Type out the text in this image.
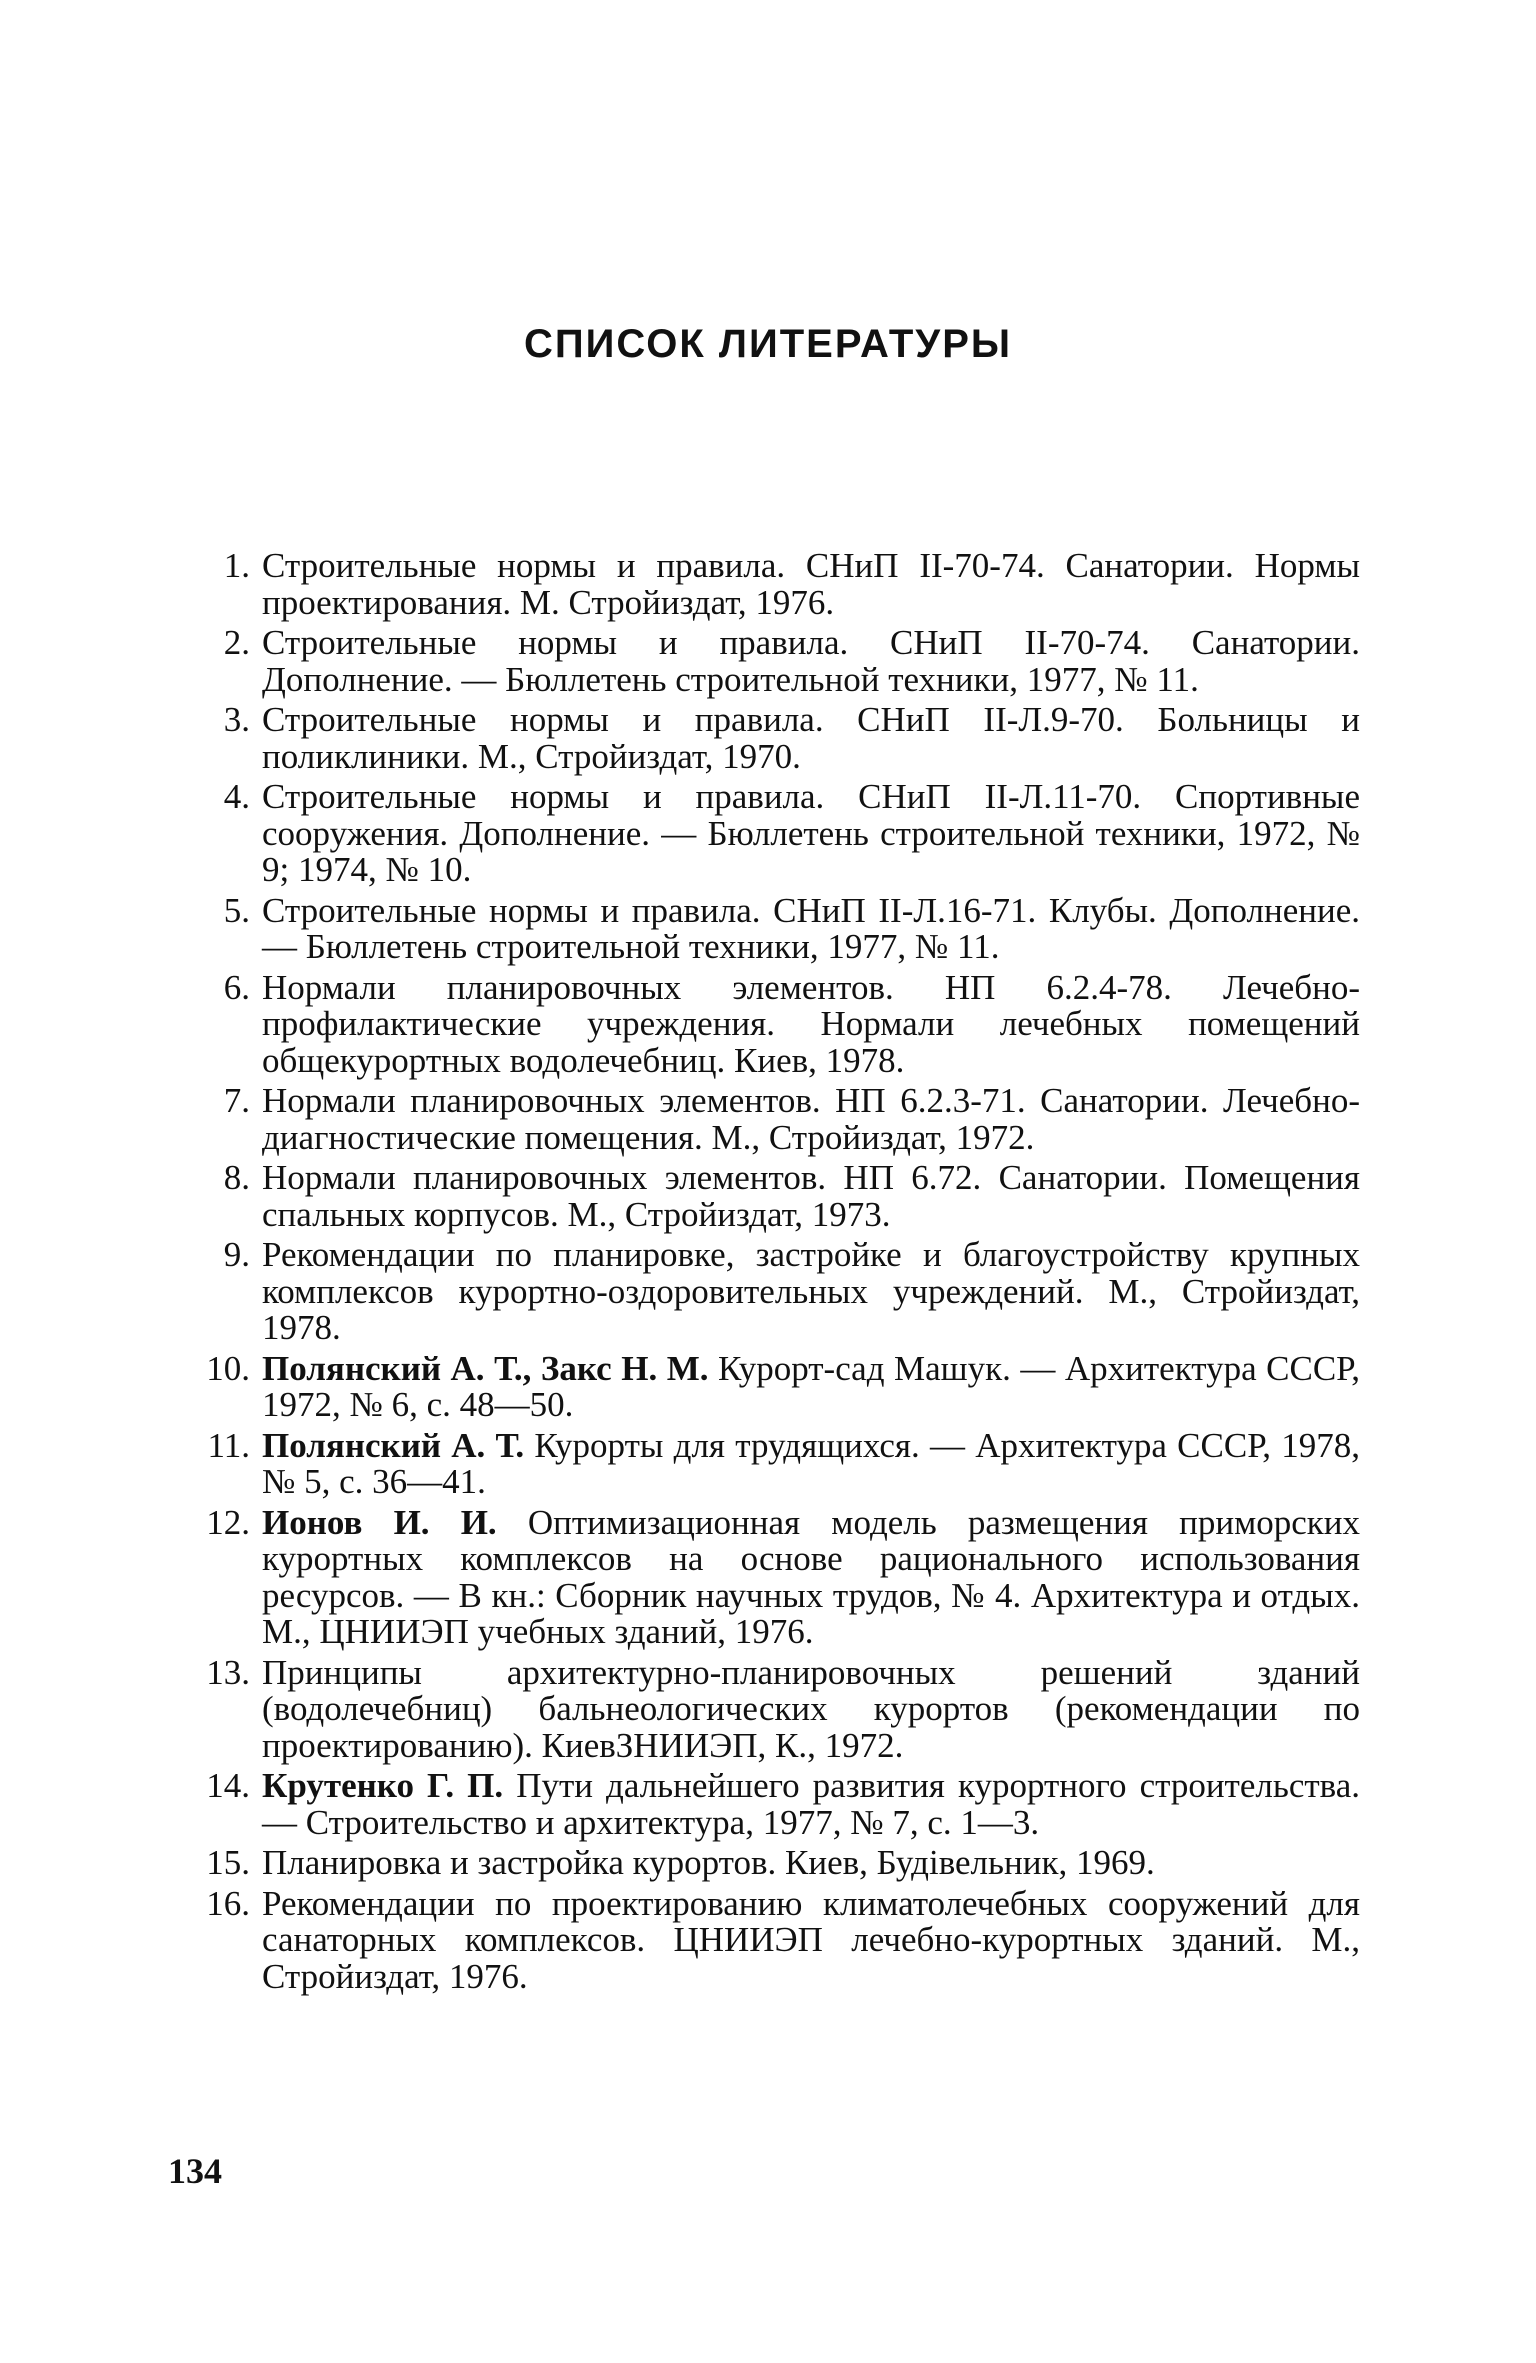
СПИСОК ЛИТЕРАТУРЫ
1. Строительные нормы и правила. СНиП II-70-74. Санатории. Нормы проектирования. М. Стройиздат, 1976.
2. Строительные нормы и правила. СНиП II-70-74. Санатории. Дополнение. — Бюллетень строительной техники, 1977, № 11.
3. Строительные нормы и правила. СНиП II-Л.9-70. Больницы и поликлиники. М., Стройиздат, 1970.
4. Строительные нормы и правила. СНиП II-Л.11-70. Спортивные сооружения. Дополнение. — Бюллетень строительной техники, 1972, № 9; 1974, № 10.
5. Строительные нормы и правила. СНиП II-Л.16-71. Клубы. Дополнение. — Бюллетень строительной техники, 1977, № 11.
6. Нормали планировочных элементов. НП 6.2.4-78. Лечебно-профилактические учреждения. Нормали лечебных помещений общекурортных водолечебниц. Киев, 1978.
7. Нормали планировочных элементов. НП 6.2.3-71. Санатории. Лечебно-диагностические помещения. М., Стройиздат, 1972.
8. Нормали планировочных элементов. НП 6.72. Санатории. Помещения спальных корпусов. М., Стройиздат, 1973.
9. Рекомендации по планировке, застройке и благоустройству крупных комплексов курортно-оздоровительных учреждений. М., Стройиздат, 1978.
10. Полянский А. Т., Закс Н. М. Курорт-сад Машук. — Архитектура СССР, 1972, № 6, с. 48—50.
11. Полянский А. Т. Курорты для трудящихся. — Архитектура СССР, 1978, № 5, с. 36—41.
12. Ионов И. И. Оптимизационная модель размещения приморских курортных комплексов на основе рационального использования ресурсов. — В кн.: Сборник научных трудов, № 4. Архитектура и отдых. М., ЦНИИЭП учебных зданий, 1976.
13. Принципы архитектурно-планировочных решений зданий (водолечебниц) бальнеологических курортов (рекомендации по проектированию). КиевЗНИИЭП, К., 1972.
14. Крутенко Г. П. Пути дальнейшего развития курортного строительства. — Строительство и архитектура, 1977, № 7, с. 1—3.
15. Планировка и застройка курортов. Киев, Будівельник, 1969.
16. Рекомендации по проектированию климатолечебных сооружений для санаторных комплексов. ЦНИИЭП лечебно-курортных зданий. М., Стройиздат, 1976.
134
